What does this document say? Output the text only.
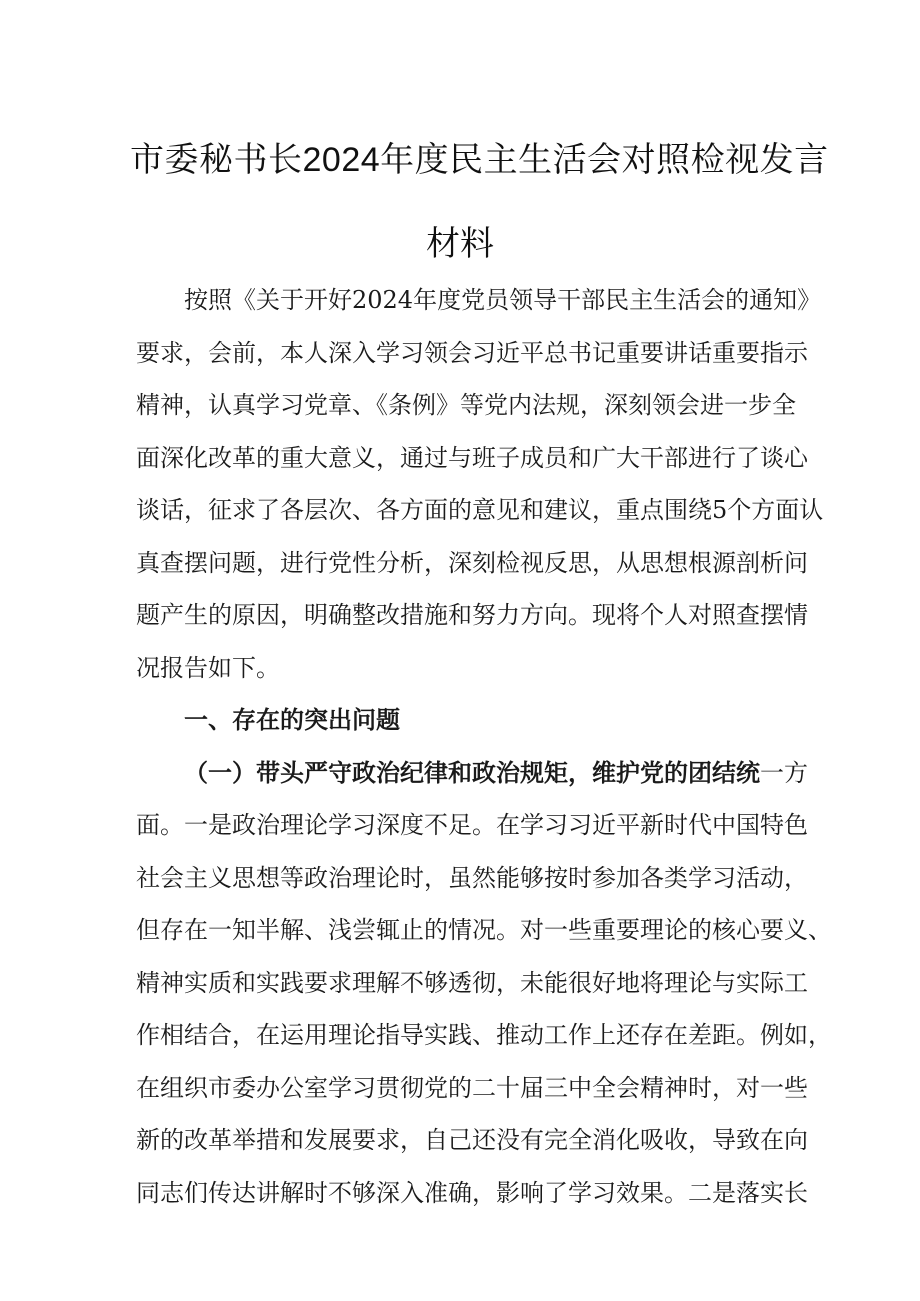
市委秘书长2024年度民主生活会对照检视发言
材料
按照《关于开好2024年度党员领导干部民主生活会的通知》
要求，会前，本人深入学习领会习近平总书记重要讲话重要指示
精神，认真学习党章、《条例》等党内法规，深刻领会进一步全
面深化改革的重大意义，通过与班子成员和广大干部进行了谈心
谈话，征求了各层次、各方面的意见和建议，重点围绕5个方面认
真查摆问题，进行党性分析，深刻检视反思，从思想根源剖析问
题产生的原因，明确整改措施和努力方向。现将个人对照查摆情
况报告如下。
一、存在的突出问题
（一）带头严守政治纪律和政治规矩，维护党的团结统一方
面。一是政治理论学习深度不足。在学习习近平新时代中国特色
社会主义思想等政治理论时，虽然能够按时参加各类学习活动，
但存在一知半解、浅尝辄止的情况。对一些重要理论的核心要义、
精神实质和实践要求理解不够透彻，未能很好地将理论与实际工
作相结合，在运用理论指导实践、推动工作上还存在差距。例如，
在组织市委办公室学习贯彻党的二十届三中全会精神时，对一些
新的改革举措和发展要求，自己还没有完全消化吸收，导致在向
同志们传达讲解时不够深入准确，影响了学习效果。二是落实长
